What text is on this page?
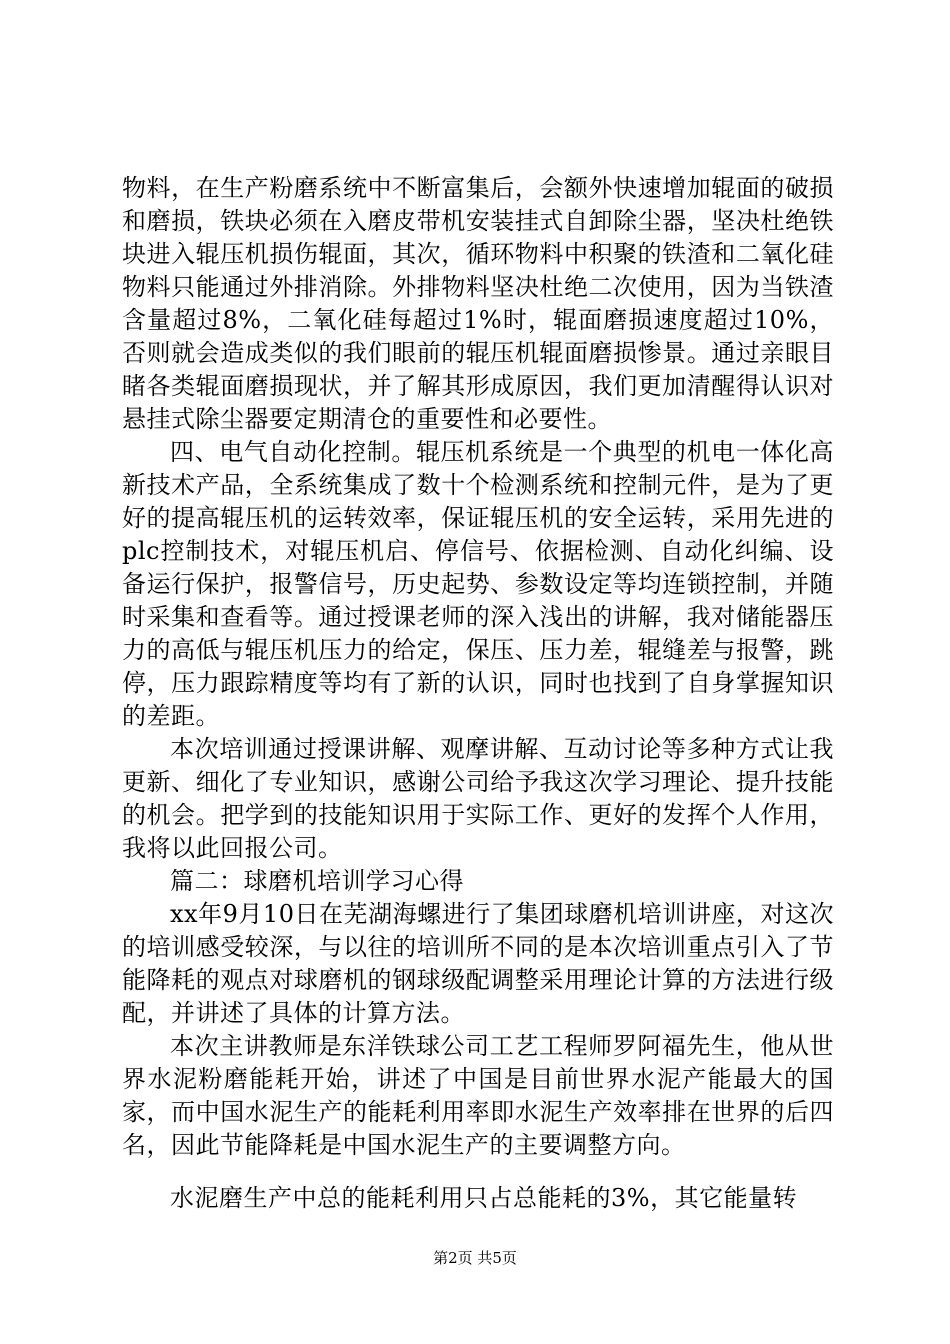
物料，在生产粉磨系统中不断富集后，会额外快速增加辊面的破损和磨损，铁块必须在入磨皮带机安装挂式自卸除尘器，坚决杜绝铁块进入辊压机损伤辊面，其次，循环物料中积聚的铁渣和二氧化硅物料只能通过外排消除。外排物料坚决杜绝二次使用，因为当铁渣含量超过8%，二氧化硅每超过1%时，辊面磨损速度超过10%，否则就会造成类似的我们眼前的辊压机辊面磨损惨景。通过亲眼目睹各类辊面磨损现状，并了解其形成原因，我们更加清醒得认识对悬挂式除尘器要定期清仓的重要性和必要性。

四、电气自动化控制。辊压机系统是一个典型的机电一体化高新技术产品，全系统集成了数十个检测系统和控制元件，是为了更好的提高辊压机的运转效率，保证辊压机的安全运转，采用先进的plc控制技术，对辊压机启、停信号、依据检测、自动化纠编、设备运行保护，报警信号，历史起势、参数设定等均连锁控制，并随时采集和查看等。通过授课老师的深入浅出的讲解，我对储能器压力的高低与辊压机压力的给定，保压、压力差，辊缝差与报警，跳停，压力跟踪精度等均有了新的认识，同时也找到了自身掌握知识的差距。

本次培训通过授课讲解、观摩讲解、互动讨论等多种方式让我更新、细化了专业知识，感谢公司给予我这次学习理论、提升技能的机会。把学到的技能知识用于实际工作、更好的发挥个人作用，我将以此回报公司。

篇二：球磨机培训学习心得

xx年9月10日在芜湖海螺进行了集团球磨机培训讲座，对这次的培训感受较深，与以往的培训所不同的是本次培训重点引入了节能降耗的观点对球磨机的钢球级配调整采用理论计算的方法进行级配，并讲述了具体的计算方法。

本次主讲教师是东洋铁球公司工艺工程师罗阿福先生，他从世界水泥粉磨能耗开始，讲述了中国是目前世界水泥产能最大的国家，而中国水泥生产的能耗利用率即水泥生产效率排在世界的后四名，因此节能降耗是中国水泥生产的主要调整方向。

水泥磨生产中总的能耗利用只占总能耗的3%，其它能量转

第2页 共5页
